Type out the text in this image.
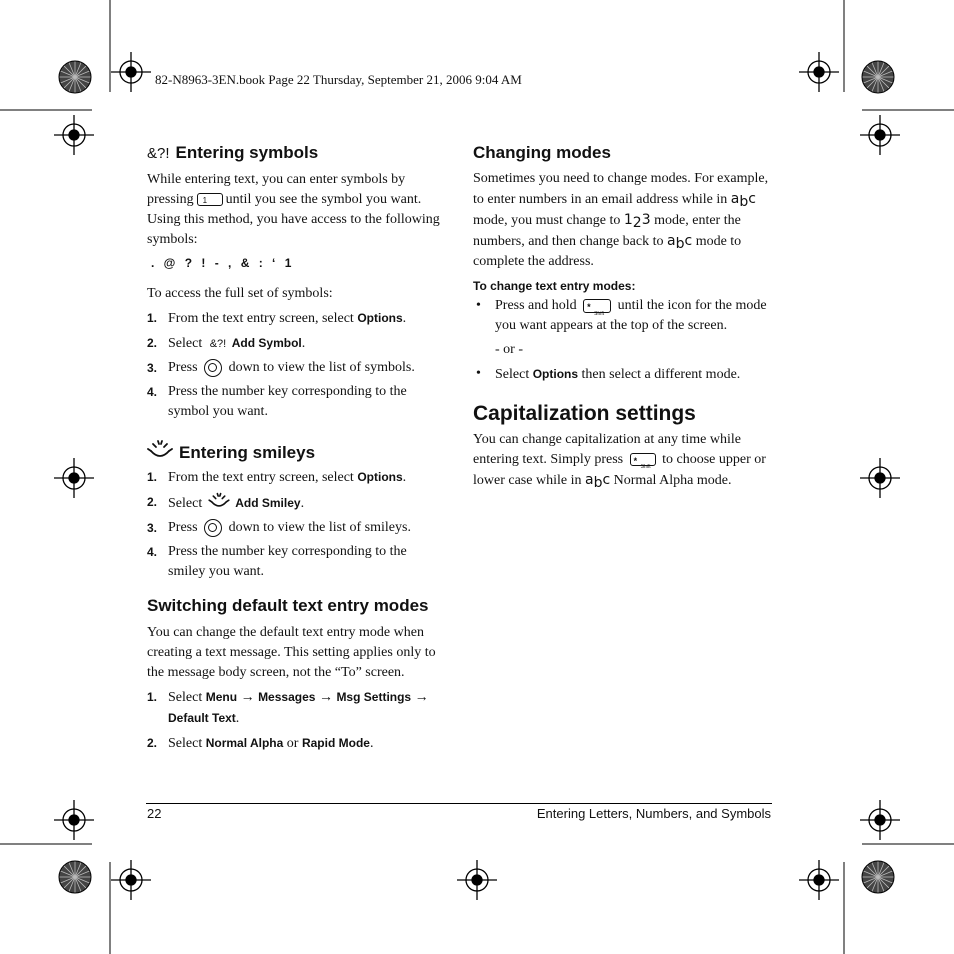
82-N8963-3EN.book Page 22 Thursday, September 21, 2006 9:04 AM
&?! Entering symbols
While entering text, you can enter symbols by pressing 1 until you see the symbol you want. Using this method, you have access to the following symbols:
. @ ? ! - , & : ‘ 1
To access the full set of symbols:
1. From the text entry screen, select Options.
2. Select &?! Add Symbol.
3. Press down to view the list of symbols.
4. Press the number key corresponding to the symbol you want.
Entering smileys
1. From the text entry screen, select Options.
2. Select	Add Smiley.
3. Press down to view the list of smileys.
4. Press the number key corresponding to the smiley you want.
Switching default text entry modes
You can change the default text entry mode when creating a text message. This setting applies only to the message body screen, not the “To” screen.
1. Select Menu → Messages → Msg Settings → Default Text.
2. Select Normal Alpha or Rapid Mode.
Changing modes
Sometimes you need to change modes. For example, to enter numbers in an email address while in abc mode, you must change to 123 mode, enter the numbers, and then change back to abc mode to complete the address.
To change text entry modes:
• Press and hold *
Shift
until the icon for the mode you want appears at the top of the screen.
- or -
• Select Options then select a different mode.
Capitalization settings
You can change capitalization at any time while entering text. Simply press *
Shift
to choose upper or lower case while in abc Normal Alpha mode.
22	Entering Letters, Numbers, and Symbols
